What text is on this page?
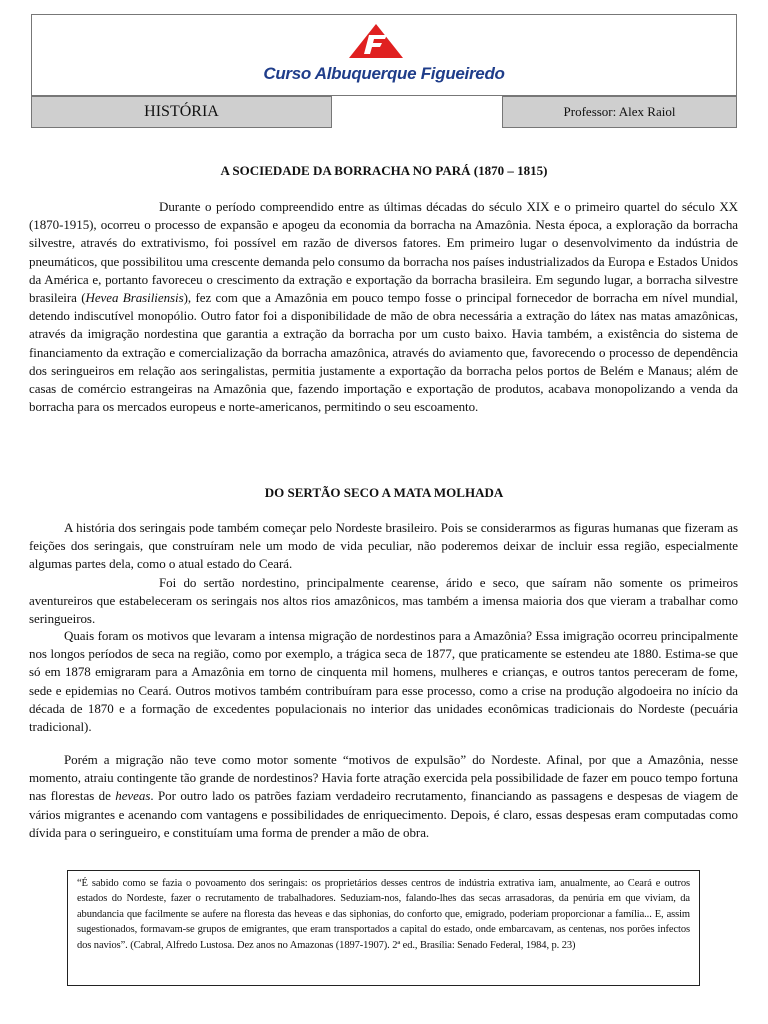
Curso Albuquerque Figueiredo
HISTÓRIA	Professor: Alex Raiol
A SOCIEDADE DA BORRACHA NO PARÁ (1870 – 1815)

Durante o período compreendido entre as últimas décadas do século XIX e o primeiro quartel do século XX (1870-1915), ocorreu o processo de expansão e apogeu da economia da borracha na Amazônia. Nesta época, a exploração da borracha silvestre, através do extrativismo, foi possível em razão de diversos fatores. Em primeiro lugar o desenvolvimento da indústria de pneumáticos, que possibilitou uma crescente demanda pelo consumo da borracha nos países industrializados da Europa e Estados Unidos da América e, portanto favoreceu o crescimento da extração e exportação da borracha brasileira. Em segundo lugar, a borracha silvestre brasileira (Hevea Brasiliensis), fez com que a Amazônia em pouco tempo fosse o principal fornecedor de borracha em nível mundial, detendo indiscutível monopólio. Outro fator foi a disponibilidade de mão de obra necessária a extração do látex nas matas amazônicas, através da imigração nordestina que garantia a extração da borracha por um custo baixo. Havia também, a existência do sistema de financiamento da extração e comercialização da borracha amazônica, através do aviamento que, favorecendo o processo de dependência dos seringueiros em relação aos seringalistas, permitia justamente a exportação da borracha pelos portos de Belém e Manaus; além de casas de comércio estrangeiras na Amazônia que, fazendo importação e exportação de produtos, acabava monopolizando a venda da borracha para os mercados europeus e norte-americanos, permitindo o seu escoamento.

DO SERTÃO SECO A MATA MOLHADA

A história dos seringais pode também começar pelo Nordeste brasileiro. Pois se considerarmos as figuras humanas que fizeram as feições dos seringais, que construíram nele um modo de vida peculiar, não poderemos deixar de incluir essa região, especialmente algumas partes dela, como o atual estado do Ceará.

Foi do sertão nordestino, principalmente cearense, árido e seco, que saíram não somente os primeiros aventureiros que estabeleceram os seringais nos altos rios amazônicos, mas também a imensa maioria dos que vieram a trabalhar como seringueiros.

Quais foram os motivos que levaram a intensa migração de nordestinos para a Amazônia? Essa imigração ocorreu principalmente nos longos períodos de seca na região, como por exemplo, a trágica seca de 1877, que praticamente se estendeu ate 1880. Estima-se que só em 1878 emigraram para a Amazônia em torno de cinquenta mil homens, mulheres e crianças, e outros tantos pereceram de fome, sede e epidemias no Ceará. Outros motivos também contribuíram para esse processo, como a crise na produção algodoeira no início da década de 1870 e a formação de excedentes populacionais no interior das unidades econômicas tradicionais do Nordeste (pecuária tradicional).

Porém a migração não teve como motor somente “motivos de expulsão” do Nordeste. Afinal, por que a Amazônia, nesse momento, atraiu contingente tão grande de nordestinos? Havia forte atração exercida pela possibilidade de fazer em pouco tempo fortuna nas florestas de heveas. Por outro lado os patrões faziam verdadeiro recrutamento, financiando as passagens e despesas de viagem de vários migrantes e acenando com vantagens e possibilidades de enriquecimento. Depois, é claro, essas despesas eram computadas como dívida para o seringueiro, e constituíam uma forma de prender a mão de obra.

“É sabido como se fazia o povoamento dos seringais: os proprietários desses centros de indústria extrativa iam, anualmente, ao Ceará e outros estados do Nordeste, fazer o recrutamento de trabalhadores. Seduziam-nos, falando-lhes das secas arrasadoras, da penúria em que viviam, da abundancia que facilmente se aufere na floresta das heveas e das siphonias, do conforto que, emigrado, poderiam proporcionar a família... E, assim sugestionados, formavam-se grupos de emigrantes, que eram transportados a capital do estado, onde embarcavam, as centenas, nos porões infectos dos navios”. (Cabral, Alfredo Lustosa. Dez anos no Amazonas (1897-1907). 2ª ed., Brasília: Senado Federal, 1984, p. 23)
